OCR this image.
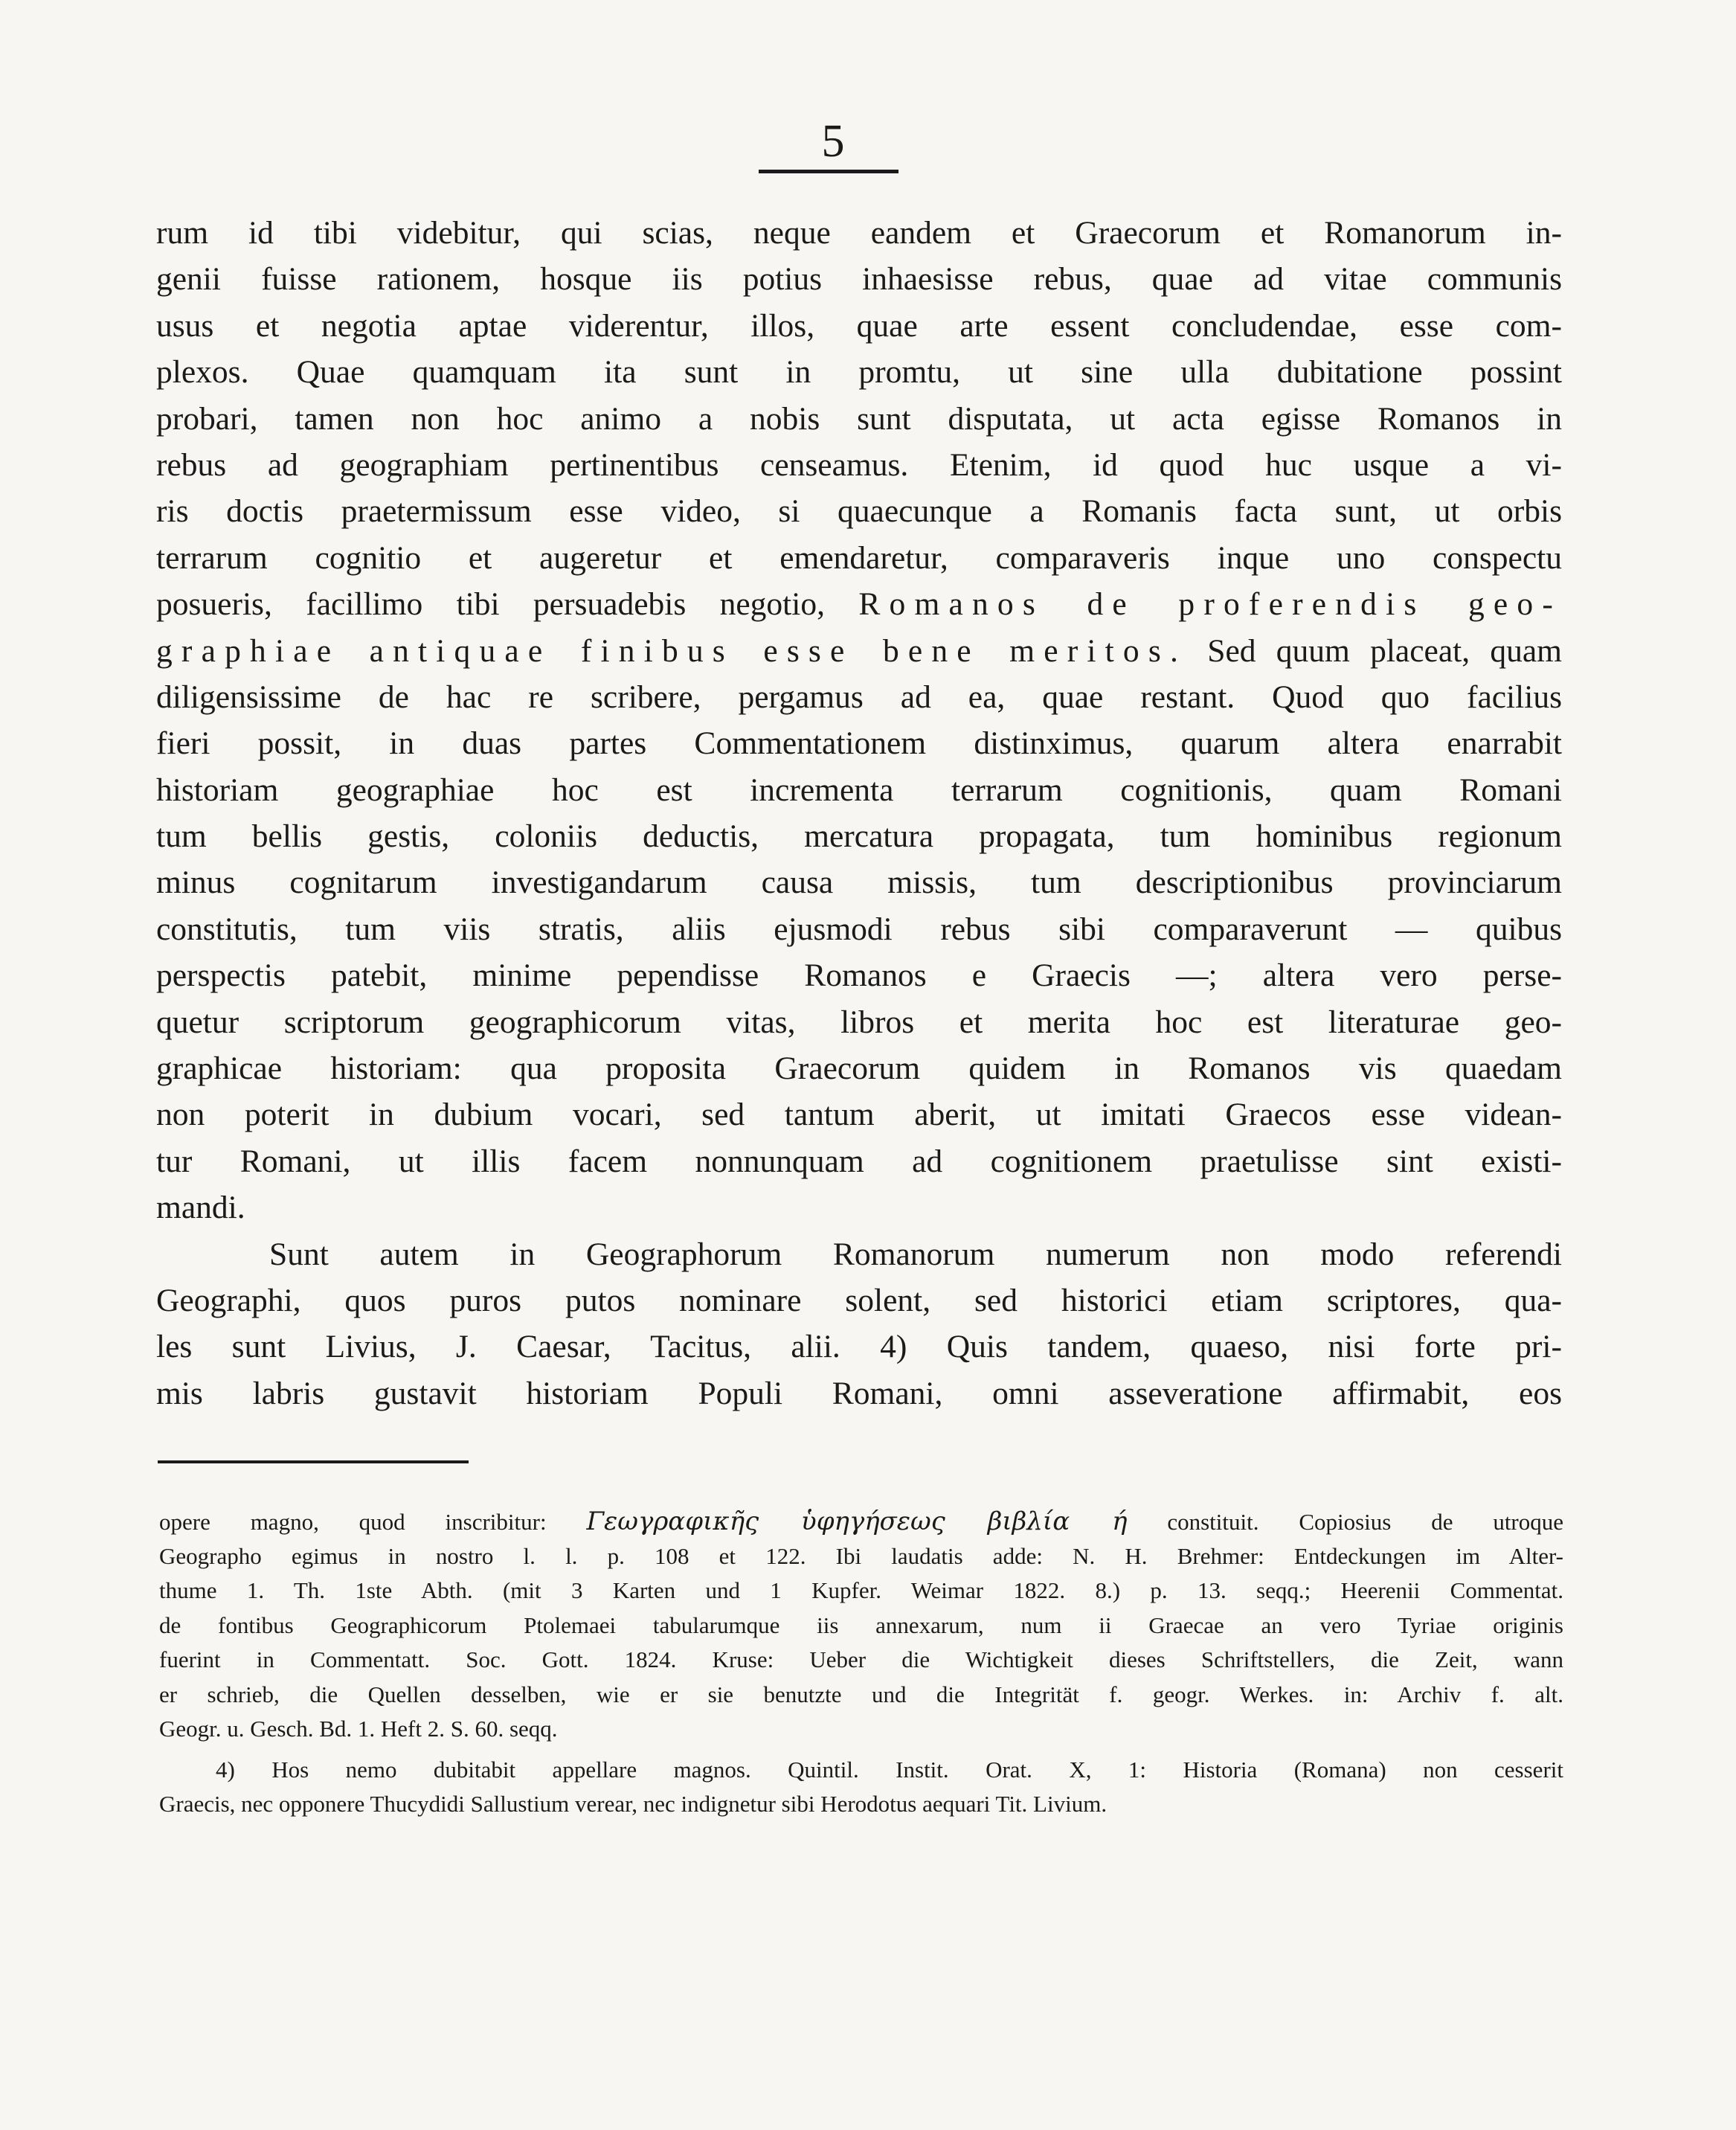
5
rum id tibi videbitur, qui scias, neque eandem et Graecorum et Romanorum in-
genii fuisse rationem, hosque iis potius inhaesisse rebus, quae ad vitae communis
usus et negotia aptae viderentur, illos, quae arte essent concludendae, esse com-
plexos. Quae quamquam ita sunt in promtu, ut sine ulla dubitatione possint
probari, tamen non hoc animo a nobis sunt disputata, ut acta egisse Romanos in
rebus ad geographiam pertinentibus censeamus. Etenim, id quod huc usque a vi-
ris doctis praetermissum esse video, si quaecunque a Romanis facta sunt, ut orbis
terrarum cognitio et augeretur et emendaretur, comparaveris inque uno conspectu
posueris, facillimo tibi persuadebis negotio, Romanos de proferendis geo-
graphiae antiquae finibus esse bene meritos. Sed quum placeat, quam
diligensissime de hac re scribere, pergamus ad ea, quae restant. Quod quo facilius
fieri possit, in duas partes Commentationem distinximus, quarum altera enarrabit
historiam geographiae hoc est incrementa terrarum cognitionis, quam Romani
tum bellis gestis, coloniis deductis, mercatura propagata, tum hominibus regionum
minus cognitarum investigandarum causa missis, tum descriptionibus provinciarum
constitutis, tum viis stratis, aliis ejusmodi rebus sibi comparaverunt — quibus
perspectis patebit, minime pependisse Romanos e Graecis —; altera vero perse-
quetur scriptorum geographicorum vitas, libros et merita hoc est literaturae geo-
graphicae historiam: qua proposita Graecorum quidem in Romanos vis quaedam
non poterit in dubium vocari, sed tantum aberit, ut imitati Graecos esse videan-
tur Romani, ut illis facem nonnunquam ad cognitionem praetulisse sint existi-
mandi.
Sunt autem in Geographorum Romanorum numerum non modo referendi
Geographi, quos puros putos nominare solent, sed historici etiam scriptores, qua-
les sunt Livius, J. Caesar, Tacitus, alii. 4) Quis tandem, quaeso, nisi forte pri-
mis labris gustavit historiam Populi Romani, omni asseveratione affirmabit, eos
opere magno, quod inscribitur: Γεωγραφικῆς ὑφηγήσεως βιβλία ή constituit. Copiosius de utroque
Geographo egimus in nostro l. l. p. 108 et 122. Ibi laudatis adde: N. H. Brehmer: Entdeckungen im Alter-
thume 1. Th. 1ste Abth. (mit 3 Karten und 1 Kupfer. Weimar 1822. 8.) p. 13. seqq.; Heerenii Commentat.
de fontibus Geographicorum Ptolemaei tabularumque iis annexarum, num ii Graecae an vero Tyriae originis
fuerint in Commentatt. Soc. Gott. 1824. Kruse: Ueber die Wichtigkeit dieses Schriftstellers, die Zeit, wann
er schrieb, die Quellen desselben, wie er sie benutzte und die Integrität f. geogr. Werkes. in: Archiv f. alt.
Geogr. u. Gesch. Bd. 1. Heft 2. S. 60. seqq.
4) Hos nemo dubitabit appellare magnos. Quintil. Instit. Orat. X, 1: Historia (Romana) non cesserit
Graecis, nec opponere Thucydidi Sallustium verear, nec indignetur sibi Herodotus aequari Tit. Livium.
